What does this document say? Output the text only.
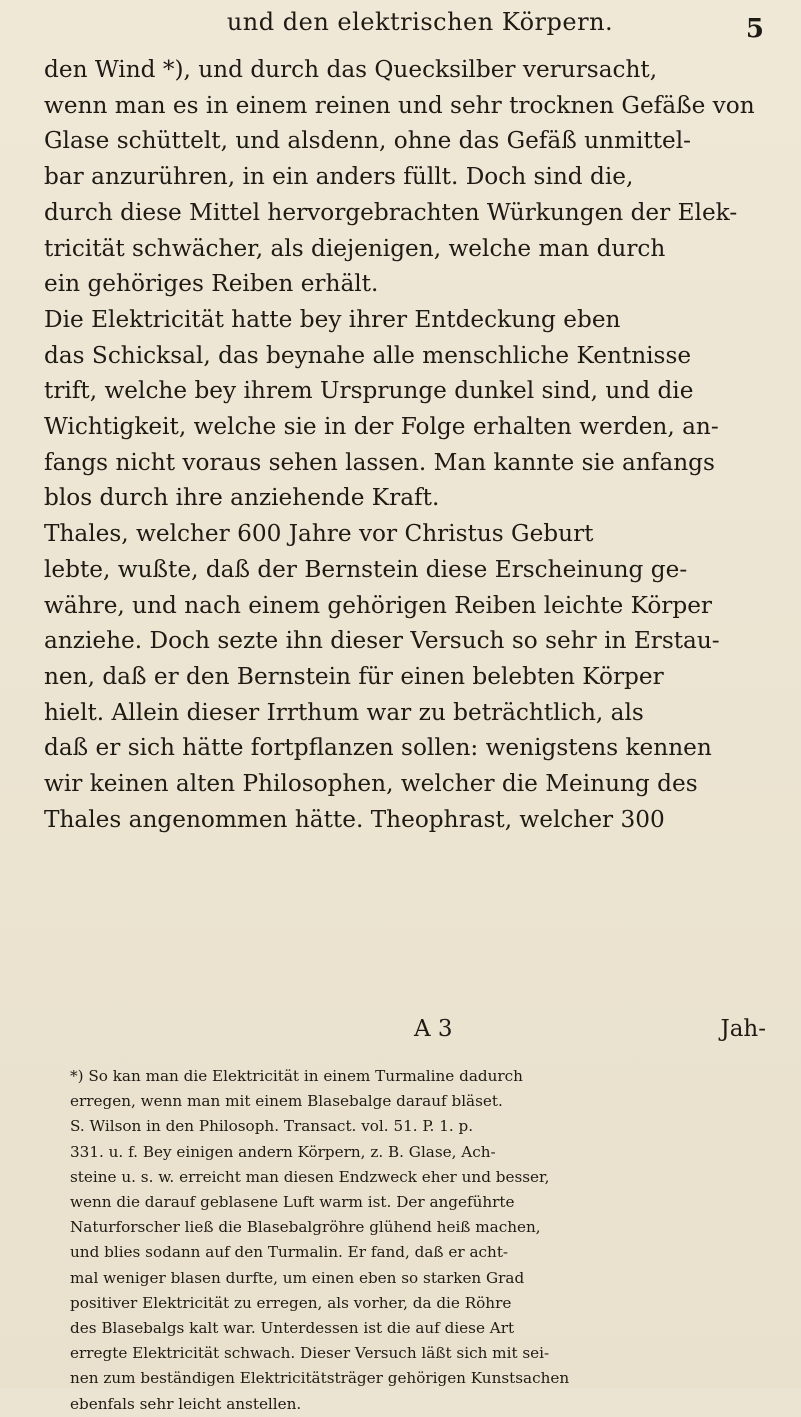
und den elektrischen Körpern.	5
den Wind *), und durch das Quecksilber verursacht,
wenn man es in einem reinen und sehr trocknen Gefäße von
Glase schüttelt, und alsdenn, ohne das Gefäß unmittel-
bar anzurühren, in ein anders füllt. Doch sind die,
durch diese Mittel hervorgebrachten Würkungen der Elek-
tricität schwächer, als diejenigen, welche man durch
ein gehöriges Reiben erhält.
Die Elektricität hatte bey ihrer Entdeckung eben
das Schicksal, das beynahe alle menschliche Kentnisse
trift, welche bey ihrem Ursprunge dunkel sind, und die
Wichtigkeit, welche sie in der Folge erhalten werden, an-
fangs nicht voraus sehen lassen. Man kannte sie anfangs
blos durch ihre anziehende Kraft.
Thales, welcher 600 Jahre vor Christus Geburt
lebte, wußte, daß der Bernstein diese Erscheinung ge-
währe, und nach einem gehörigen Reiben leichte Körper
anziehe. Doch sezte ihn dieser Versuch so sehr in Erstau-
nen, daß er den Bernstein für einen belebten Körper
hielt. Allein dieser Irrthum war zu beträchtlich, als
daß er sich hätte fortpflanzen sollen: wenigstens kennen
wir keinen alten Philosophen, welcher die Meinung des
Thales angenommen hätte. Theophrast, welcher 300
A 3	Jah-
*) So kan man die Elektricität in einem Turmaline dadurch
erregen, wenn man mit einem Blasebalge darauf bläset.
S. Wilson in den Philosoph. Transact. vol. 51. P. 1. p.
331. u. f. Bey einigen andern Körpern, z. B. Glase, Ach-
steine u. s. w. erreicht man diesen Endzweck eher und besser,
wenn die darauf geblasene Luft warm ist. Der angeführte
Naturforscher ließ die Blasebalgröhre glühend heiß machen,
und blies sodann auf den Turmalin. Er fand, daß er acht-
mal weniger blasen durfte, um einen eben so starken Grad
positiver Elektricität zu erregen, als vorher, da die Röhre
des Blasebalgs kalt war. Unterdessen ist die auf diese Art
erregte Elektricität schwach. Dieser Versuch läßt sich mit sei-
nen zum beständigen Elektricitätsträger gehörigen Kunstsachen
ebenfals sehr leicht anstellen.
